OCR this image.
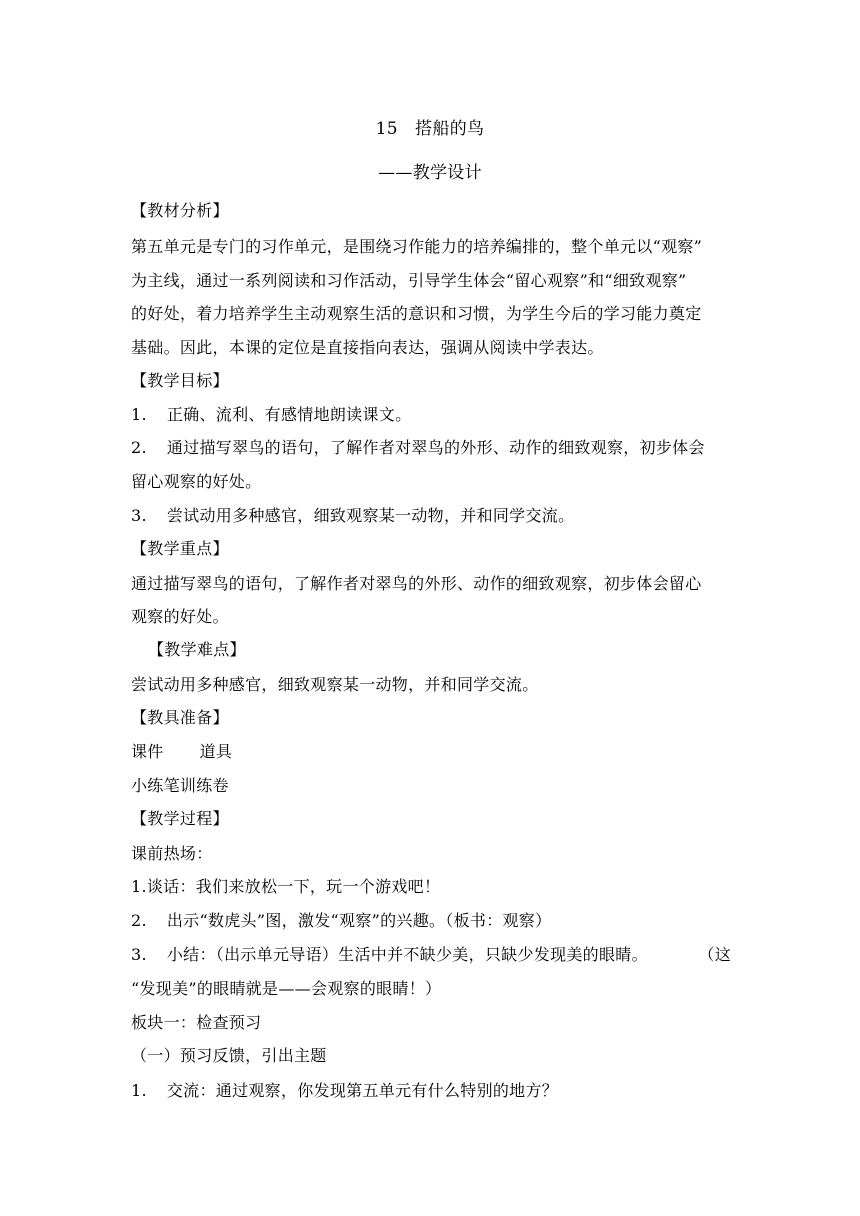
15　搭船的鸟
——教学设计
【教材分析】
第五单元是专门的习作单元，是围绕习作能力的培养编排的，整个单元以“观察”
为主线，通过一系列阅读和习作活动，引导学生体会“留心观察”和“细致观察”
的好处，着力培养学生主动观察生活的意识和习惯，为学生今后的学习能力奠定
基础。因此，本课的定位是直接指向表达，强调从阅读中学表达。
【教学目标】
1. 正确、流利、有感情地朗读课文。
2. 通过描写翠鸟的语句，了解作者对翠鸟的外形、动作的细致观察，初步体会
留心观察的好处。
3. 尝试动用多种感官，细致观察某一动物，并和同学交流。
【教学重点】
通过描写翠鸟的语句，了解作者对翠鸟的外形、动作的细致观察，初步体会留心
观察的好处。
【教学难点】
尝试动用多种感官，细致观察某一动物，并和同学交流。
【教具准备】
课件 道具
小练笔训练卷
【教学过程】
课前热场：
1.谈话：我们来放松一下，玩一个游戏吧！
2. 出示“数虎头”图，激发“观察”的兴趣。（板书：观察）
3. 小结：（出示单元导语）生活中并不缺少美，只缺少发现美的眼睛。	（这
“发现美”的眼睛就是——会观察的眼睛！）
板块一：检查预习
（一）预习反馈，引出主题
1. 交流：通过观察，你发现第五单元有什么特别的地方？
